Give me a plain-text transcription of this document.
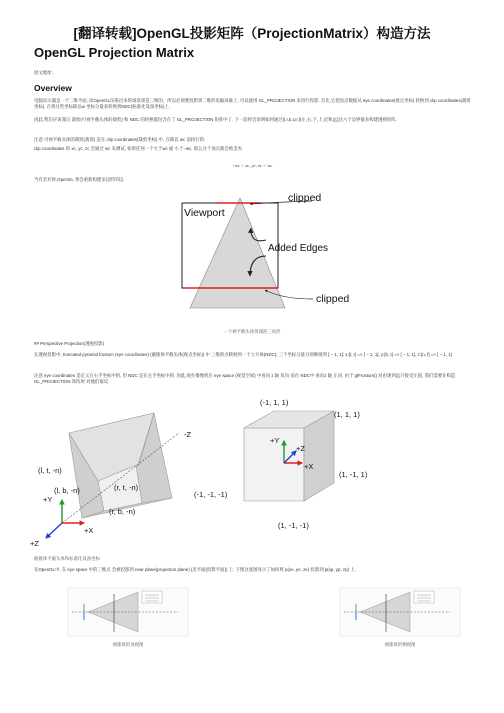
[翻译转载]OpenGL投影矩阵（ProjectionMatrix）构造方法
OpenGL Projection Matrix
原文地址:
Overview
电脑显示器是一个二维平面, 而OpenGL渲染出来的场景却是三维的，所以必须要投影到二维的电脑屏幕上. 可以使用 GL_PROJECTION 来进行投影. 首先,它把顶点数据从 eye coordinates(视点坐标) 转换到 clip coordinates(裁剪坐标). 在将这些坐标除以w 坐标分量来转换到NDC(标准化设备坐标)上.
因此,我们应该谨记 裁剪(可视平截头体的裁剪) 和 NDC 的转换都包含在了 GL_PROJECTION 矩阵中了. 下一段将会说明如何通过(l,r,b,t,n,f)左,右,下,上,近和远)这六个边界值来构建透视矩阵.
注意 可视平截头体的裁剪(裁剪) 是在 clip coordinates(裁剪坐标) 中, 在除以 wc 前执行的.
clip coordinates 的 xc, yc, zc 会通过 wc 来测试, 如果任何一个大于wc 或 小于−wc, 那么这个顶点就会被丢弃.
−wc < xc, yc, zc < wc
当有丢弃时,OpenGL 将会重新构建多边形的边.
clipped
Viewport
Added Edges
clipped
一个被平截头体剪裁的三角形
## Perspective Projection(透视投影)
在透视投影中, truncated pyramid frustum (eye coordinates) (截锥体平截头体(视点坐标)) 中 三维的点映射到一个立方体(NDC); 三个坐标分量分别映射到 [ − 1, 1]: x:[l, r] => [ − 1, 1], y:[b, t] => [ − 1, 1], z:[n, f] => [ − 1, 1]
注意 eye coordinates 是定义在右手坐标中的, 但 NDC 是在左手坐标中的. 因此,观在摄像机在 eye space (视觉空间) 中看向 z 轴 负向 而在 NDC中 看向z 轴 正向. 由于 glFrustum() 对由迷到远只接受正值, 我们需要在构造 GL_PROJECTION 矩阵时 对他们取反.
-Z
(l, t, -n)
(l, b, -n)	(r, t, -n)
(r, b, -n)
+Y
+X
+Z
(-1, 1, 1)
(1, 1, 1)
+Y
+Z
+X
(1, -1, 1)
(-1, -1, -1)
(1, -1, -1)
截锥体平截头体和标准化设备坐标
在OpenGL中, 在 eye space 中的三维点 会被投影到 near plane(projection plane) (近平面(投影平面)) 上. 下图这张图显示了如何将 p(xe, ye, ze) 投影到 p(xp, yp, zp) 上.
视锥体的顶视图	视锥体的侧视图
